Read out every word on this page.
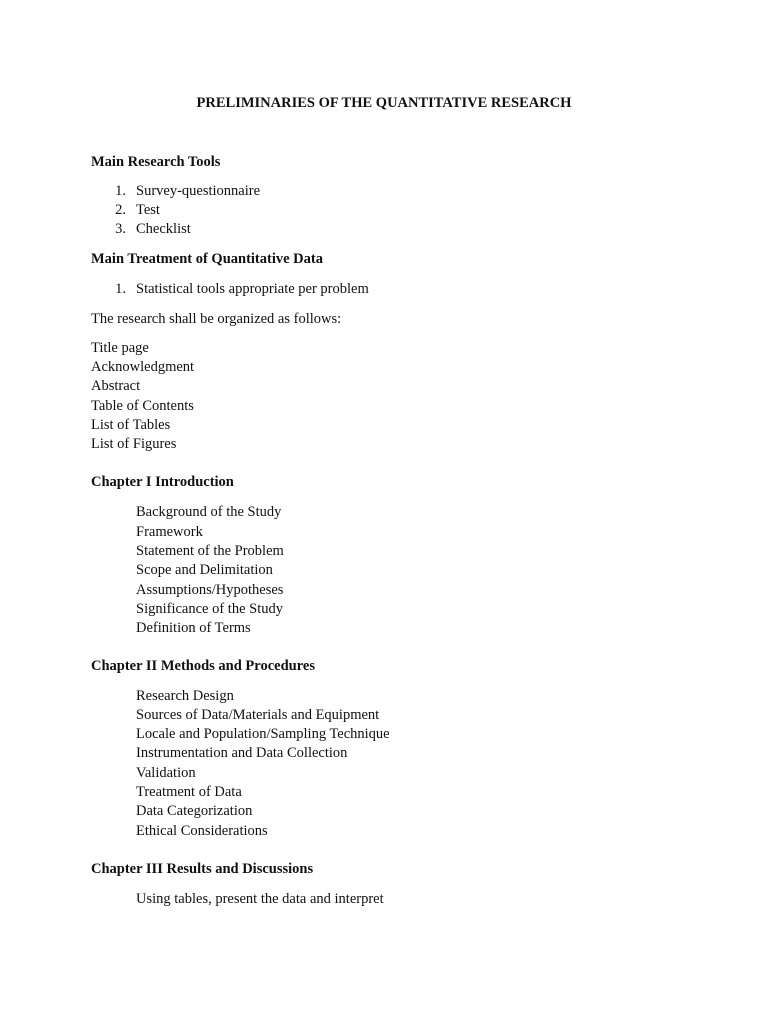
PRELIMINARIES OF THE QUANTITATIVE RESEARCH
Main Research Tools
1. Survey-questionnaire
2. Test
3. Checklist
Main Treatment of Quantitative Data
1. Statistical tools appropriate per problem
The research shall be organized as follows:
Title page
Acknowledgment
Abstract
Table of Contents
List of Tables
List of Figures
Chapter I Introduction
Background of the Study
Framework
Statement of the Problem
Scope and Delimitation
Assumptions/Hypotheses
Significance of the Study
Definition of Terms
Chapter II Methods and Procedures
Research Design
Sources of Data/Materials and Equipment
Locale and Population/Sampling Technique
Instrumentation and Data Collection
Validation
Treatment of Data
Data Categorization
Ethical Considerations
Chapter III Results and Discussions
Using tables, present the data and interpret
